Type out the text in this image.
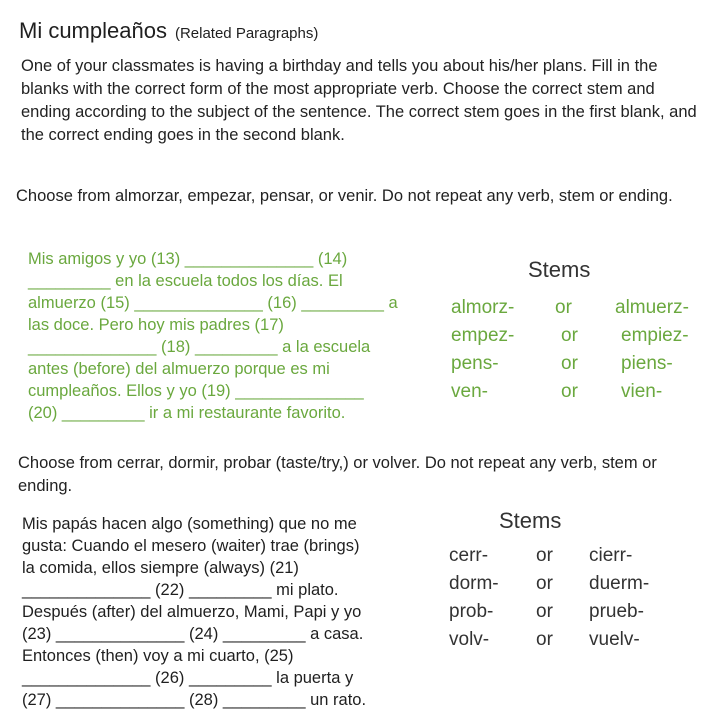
Mi cumpleaños (Related Paragraphs)
One of your classmates is having a birthday and tells you about his/her plans. Fill in the blanks with the correct form of the most appropriate verb. Choose the correct stem and ending according to the subject of the sentence. The correct stem goes in the first blank, and the correct ending goes in the second blank.
Choose from almorzar, empezar, pensar, or venir. Do not repeat any verb, stem or ending.
Mis amigos y yo (13) ______________ (14)
_________ en la escuela todos los días. El
almuerzo (15) ______________ (16) _________ a
las doce. Pero hoy mis padres (17)
______________ (18) _________ a la escuela
antes (before) del almuerzo porque es mi
cumpleaños. Ellos y yo (19) ______________
(20) _________ ir a mi restaurante favorito.
Stems
almorz- or almuerz-
empez- or empiez-
pens-	or piens-
ven-	or vien-
Choose from cerrar, dormir, probar (taste/try,) or volver. Do not repeat any verb, stem or ending.
Mis papás hacen algo (something) que no me
gusta: Cuando el mesero (waiter) trae (brings)
la comida, ellos siempre (always) (21)
______________ (22) _________ mi plato.
Después (after) del almuerzo, Mami, Papi y yo
(23) ______________ (24) _________ a casa.
Entonces (then) voy a mi cuarto, (25)
______________ (26) _________ la puerta y
(27) ______________ (28) _________ un rato.
Stems
cerr-	or cierr-
dorm- or duerm-
prob- or prueb-
volv- or vuelv-
